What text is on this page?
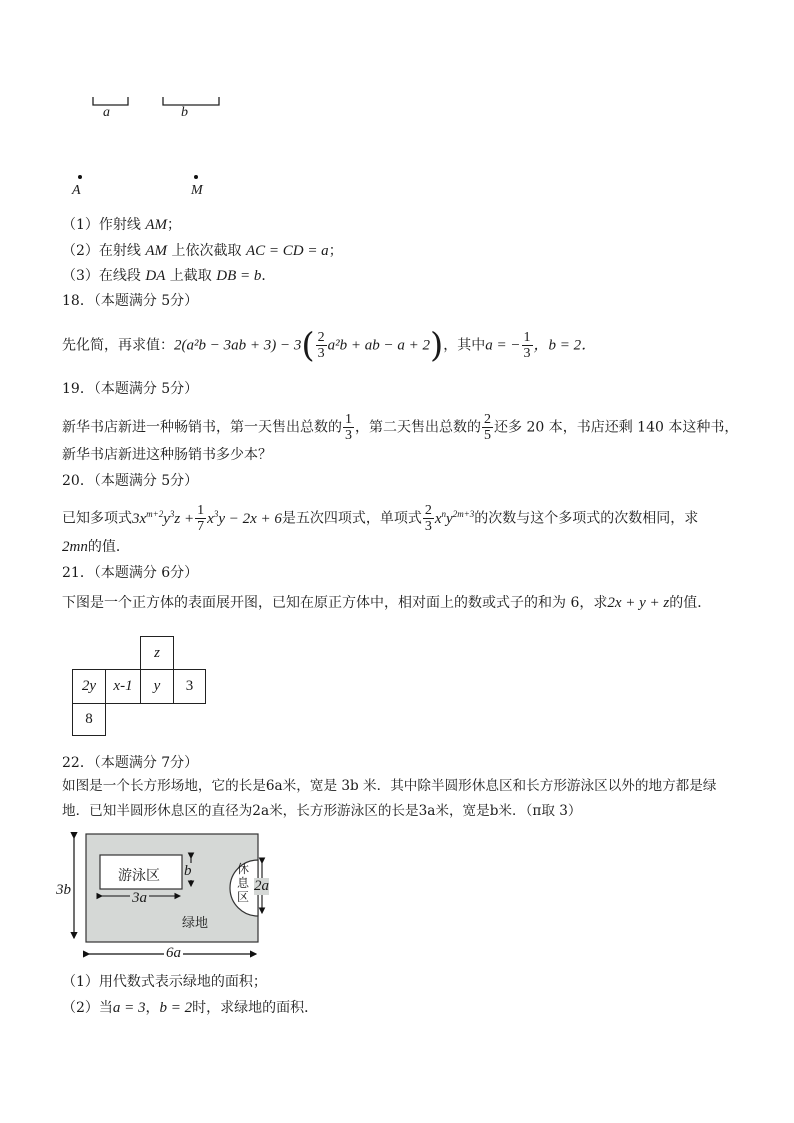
a	b
A	M
（1）作射线 AM；
（2）在射线 AM 上依次截取 AC = CD = a；
（3）在线段 DA 上截取 DB = b．
18．（本题满分 5分）
先化简，再求值：$2(a^2b - 3ab + 3) - 3( \frac{2}{3} a^2b$ + ab − a + 2)，其中a = − $\frac{1}{3}$ ，b = 2．
19．（本题满分 5分）
新华书店新进一种畅销书，第一天售出总数的 $\frac{1}{3}$ ，第二天售出总数的 $\frac{2}{5}$ 还多 20 本，书店还剩 140 本这种书，
新华书店新进这种肠销书多少本？
20．（本题满分 5分）
已知多项式$3x^{m+2}y^3z + \frac{1}{7} x^3y - 2x + 6$是五次四项式，单项式 $\frac{2}{3} x^ny^{2m+3}$的次数与这个多项式的次数相同，求
2mn的值．
21．（本题满分 6分）
下图是一个正方体的表面展开图，已知在原正方体中，相对面上的数或式子的和为 6，求2x + y + z的值．
z
2y	x-1	y	3
8
22．（本题满分 7分）
如图是一个长方形场地，它的长是6a米，宽是 3b 米．其中除半圆形休息区和长方形游泳区以外的地方都是绿
地．已知半圆形休息区的直径为2a米，长方形游泳区的长是3a米，宽是b米．（π取 3）
游泳区	休
息
区
绿地
3b
b
3a
2a
6a
（1）用代数式表示绿地的面积；
（2）当a = 3，b = 2时，求绿地的面积．
